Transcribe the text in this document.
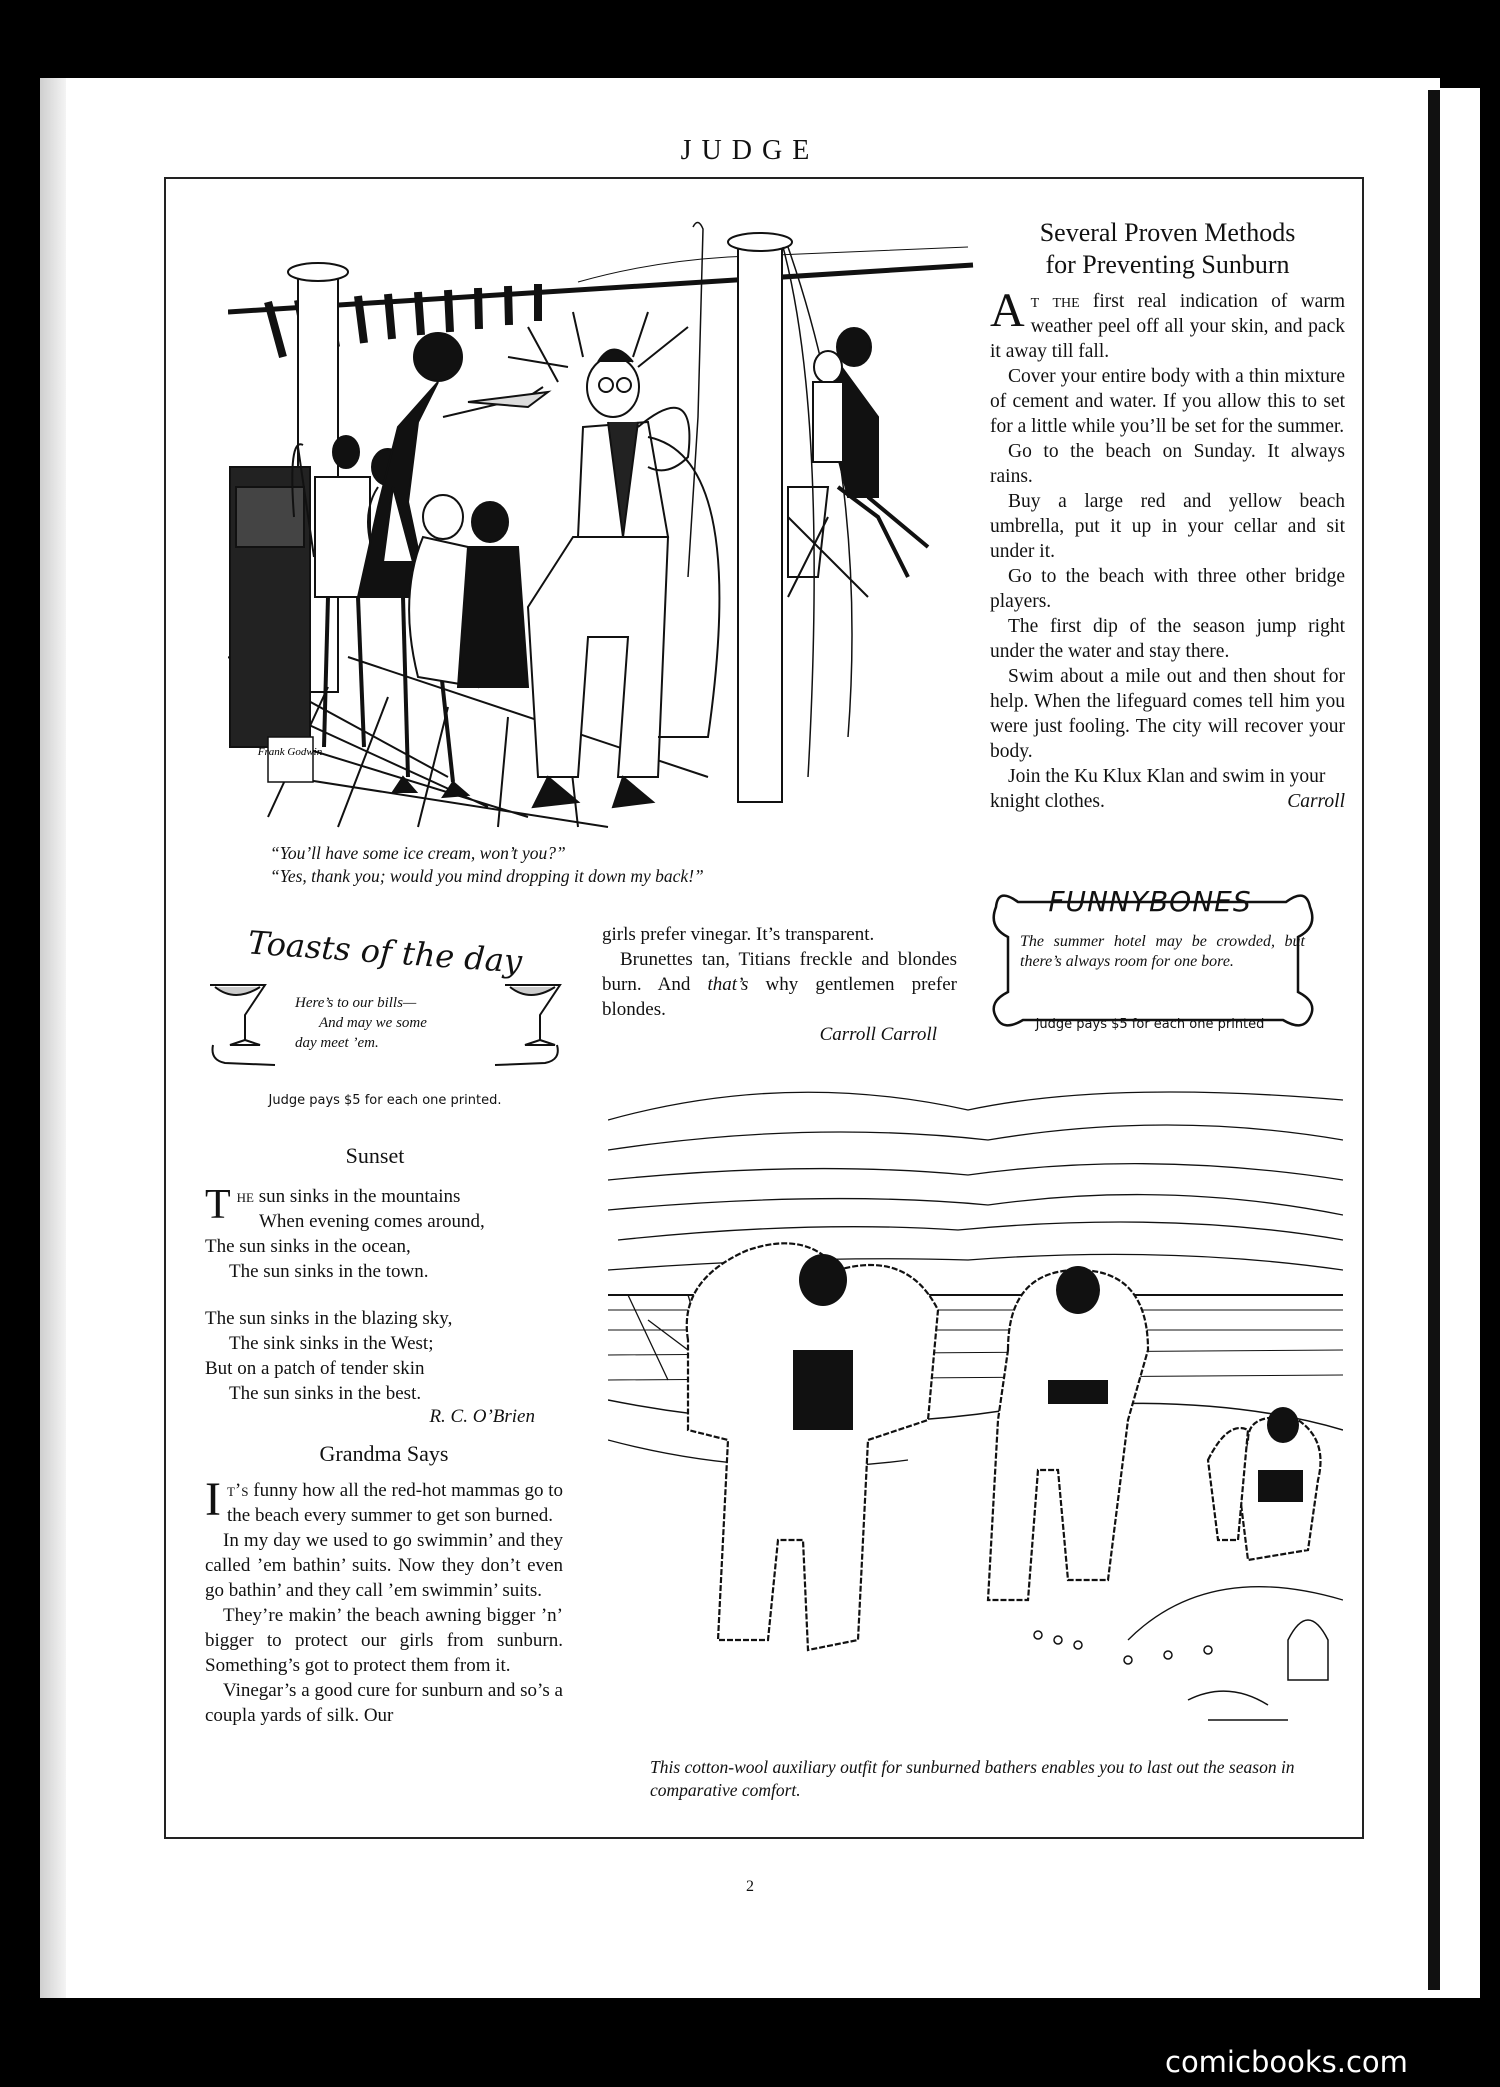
JUDGE
Frank Godwin
“You’ll have some ice cream, won’t you?”
“Yes, thank you; would you mind dropping it down my back!”
Several Proven Methods
for Preventing Sunburn

At the first real indication of warm weather peel off all your skin, and pack it away till fall.

Cover your entire body with a thin mixture of cement and water. If you allow this to set for a little while you’ll be set for the summer.

Go to the beach on Sunday. It always rains.

Buy a large red and yellow beach umbrella, put it up in your cellar and sit under it.

Go to the beach with three other bridge players.

The first dip of the season jump right under the water and stay there.

Swim about a mile out and then shout for help. When the lifeguard comes tell him you were just fooling. The city will recover your body.

Join the Ku Klux Klan and swim in your knight clothes.	Carroll

Toasts of the day
Here’s to our bills—
And may we some
day meet ’em.
Judge pays $5 for each one printed.
Sunset
The sun sinks in the mountains
When evening comes around,
The sun sinks in the ocean,
The sun sinks in the town.
The sun sinks in the blazing sky,
The sink sinks in the West;
But on a patch of tender skin
The sun sinks in the best.
R. C. O’Brien
Grandma Says

It’s funny how all the red-hot mammas go to the beach every summer to get son burned.

In my day we used to go swimmin’ and they called ’em bathin’ suits. Now they don’t even go bathin’ and they call ’em swimmin’ suits.

They’re makin’ the beach awning bigger ’n’ bigger to protect our girls from sunburn. Something’s got to protect them from it.

Vinegar’s a good cure for sunburn and so’s a coupla yards of silk. Our

girls prefer vinegar. It’s transparent.

Brunettes tan, Titians freckle and blondes burn. And that’s why gentlemen prefer blondes.

Carroll Carroll
FUNNYBONES
The summer hotel may be crowded, but there’s always room for one bore.
Judge pays $5 for each one printed
This cotton-wool auxiliary outfit for sunburned bathers enables you to last out the season in comparative comfort.
2
comicbooks.com
